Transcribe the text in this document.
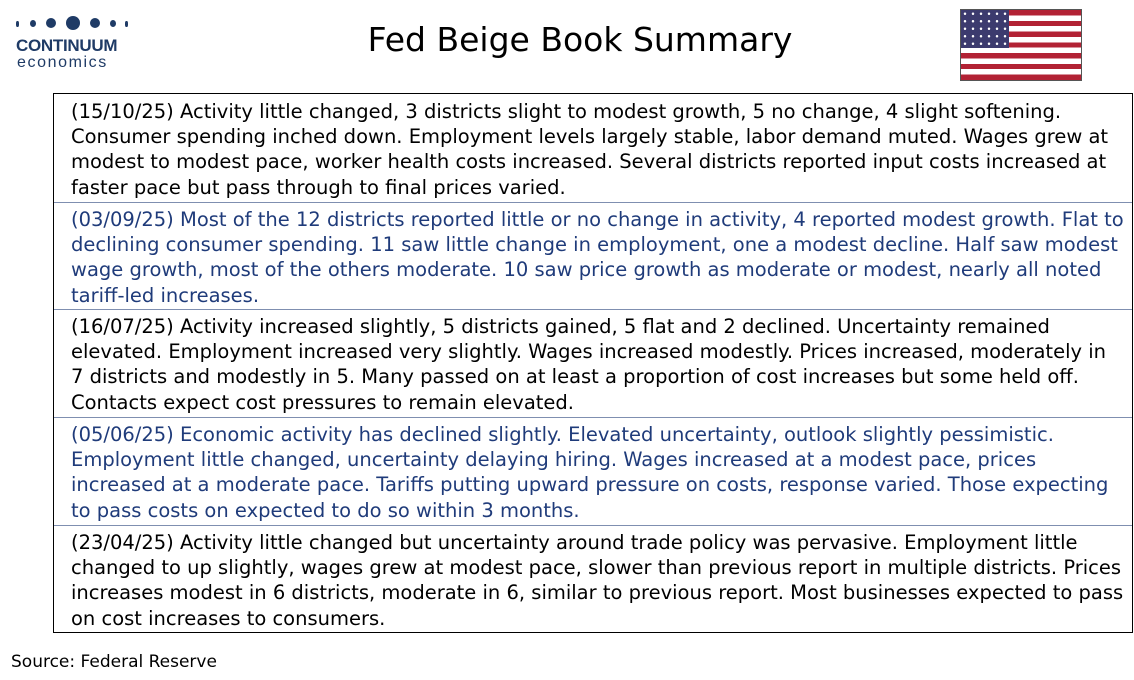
CONTINUUM
economics
Fed Beige Book Summary
(15/10/25) Activity little changed, 3 districts slight to modest growth, 5 no change, 4 slight softening. Consumer spending inched down. Employment levels largely stable, labor demand muted. Wages grew at modest to modest pace, worker health costs increased. Several districts reported input costs increased at faster pace but pass through to final prices varied.
(03/09/25) Most of the 12 districts reported little or no change in activity, 4 reported modest growth. Flat to declining consumer spending. 11 saw little change in employment, one a modest decline. Half saw modest wage growth, most of the others moderate. 10 saw price growth as moderate or modest, nearly all noted tariff-led increases.
(16/07/25) Activity increased slightly, 5 districts gained, 5 flat and 2 declined. Uncertainty remained elevated. Employment increased very slightly. Wages increased modestly. Prices increased, moderately in 7 districts and modestly in 5. Many passed on at least a proportion of cost increases but some held off. Contacts expect cost pressures to remain elevated.
(05/06/25) Economic activity has declined slightly. Elevated uncertainty, outlook slightly pessimistic. Employment little changed, uncertainty delaying hiring. Wages increased at a modest pace, prices increased at a moderate pace. Tariffs putting upward pressure on costs, response varied. Those expecting to pass costs on expected to do so within 3 months.
(23/04/25) Activity little changed but uncertainty around trade policy was pervasive. Employment little changed to up slightly, wages grew at modest pace, slower than previous report in multiple districts. Prices increases modest in 6 districts, moderate in 6, similar to previous report. Most businesses expected to pass on cost increases to consumers.
Source: Federal Reserve
